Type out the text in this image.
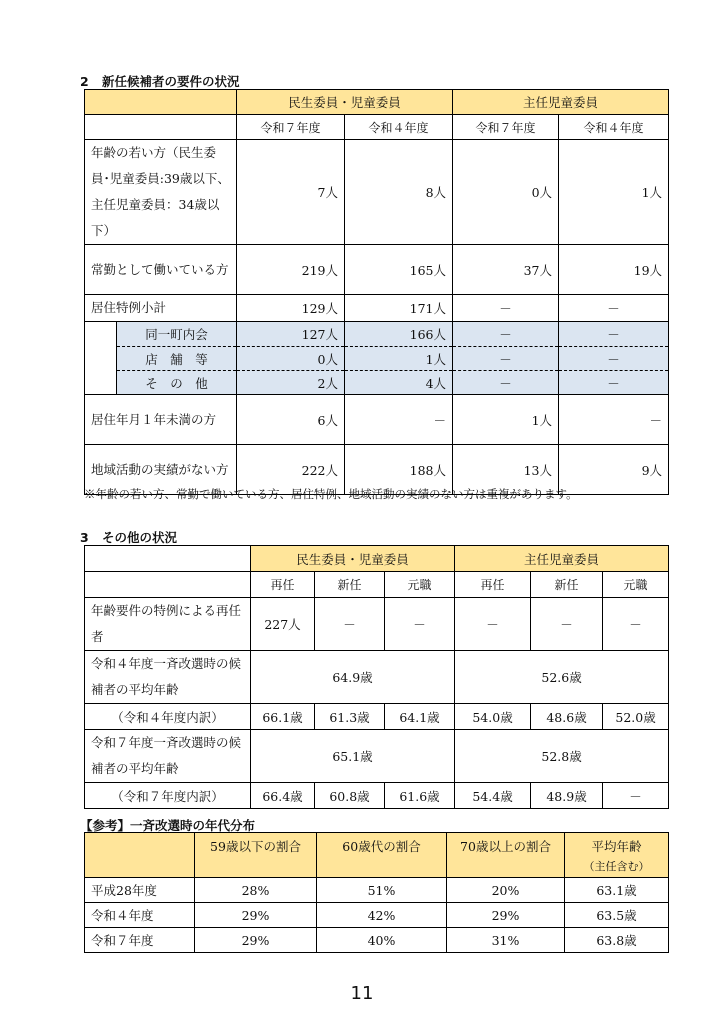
2 新任候補者の要件の状況
		民生委員・児童委員		主任児童委員	
		令和７年度	令和４年度	令和７年度	令和４年度
年齢の若い方（民生委員･児童委員:39歳以下、主任児童委員：34歳以下）		7人	8人	0人	1人
常勤として働いている方		219人	165人	37人	19人
居住特例小計		129人	171人	－	－
	同一町内会	127人	166人	－	－
	店　舗　等	0人	1人	－	－
	そ　の　他	2人	4人	－	－
居住年月１年未満の方		6人	－	1人	－
地域活動の実績がない方		222人	188人	13人	9人
※年齢の若い方、常勤で働いている方、居住特例、地域活動の実績のない方は重複があります。
3 その他の状況
	民生委員・児童委員			主任児童委員		
	再任	新任	元職	再任	新任	元職
年齢要件の特例による再任者	227人	－	－	－	－	－
令和４年度一斉改選時の候補者の平均年齢	64.9歳			52.6歳		
（令和４年度内訳）	66.1歳	61.3歳	64.1歳	54.0歳	48.6歳	52.0歳
令和７年度一斉改選時の候補者の平均年齢	65.1歳			52.8歳		
（令和７年度内訳）	66.4歳	60.8歳	61.6歳	54.4歳	48.9歳	－
【参考】一斉改選時の年代分布
	59歳以下の割合	60歳代の割合	70歳以上の割合	平均年齢
（主任含む）

平成28年度	28%	51%	20%	63.1歳
令和４年度	29%	42%	29%	63.5歳
令和７年度	29%	40%	31%	63.8歳
11
